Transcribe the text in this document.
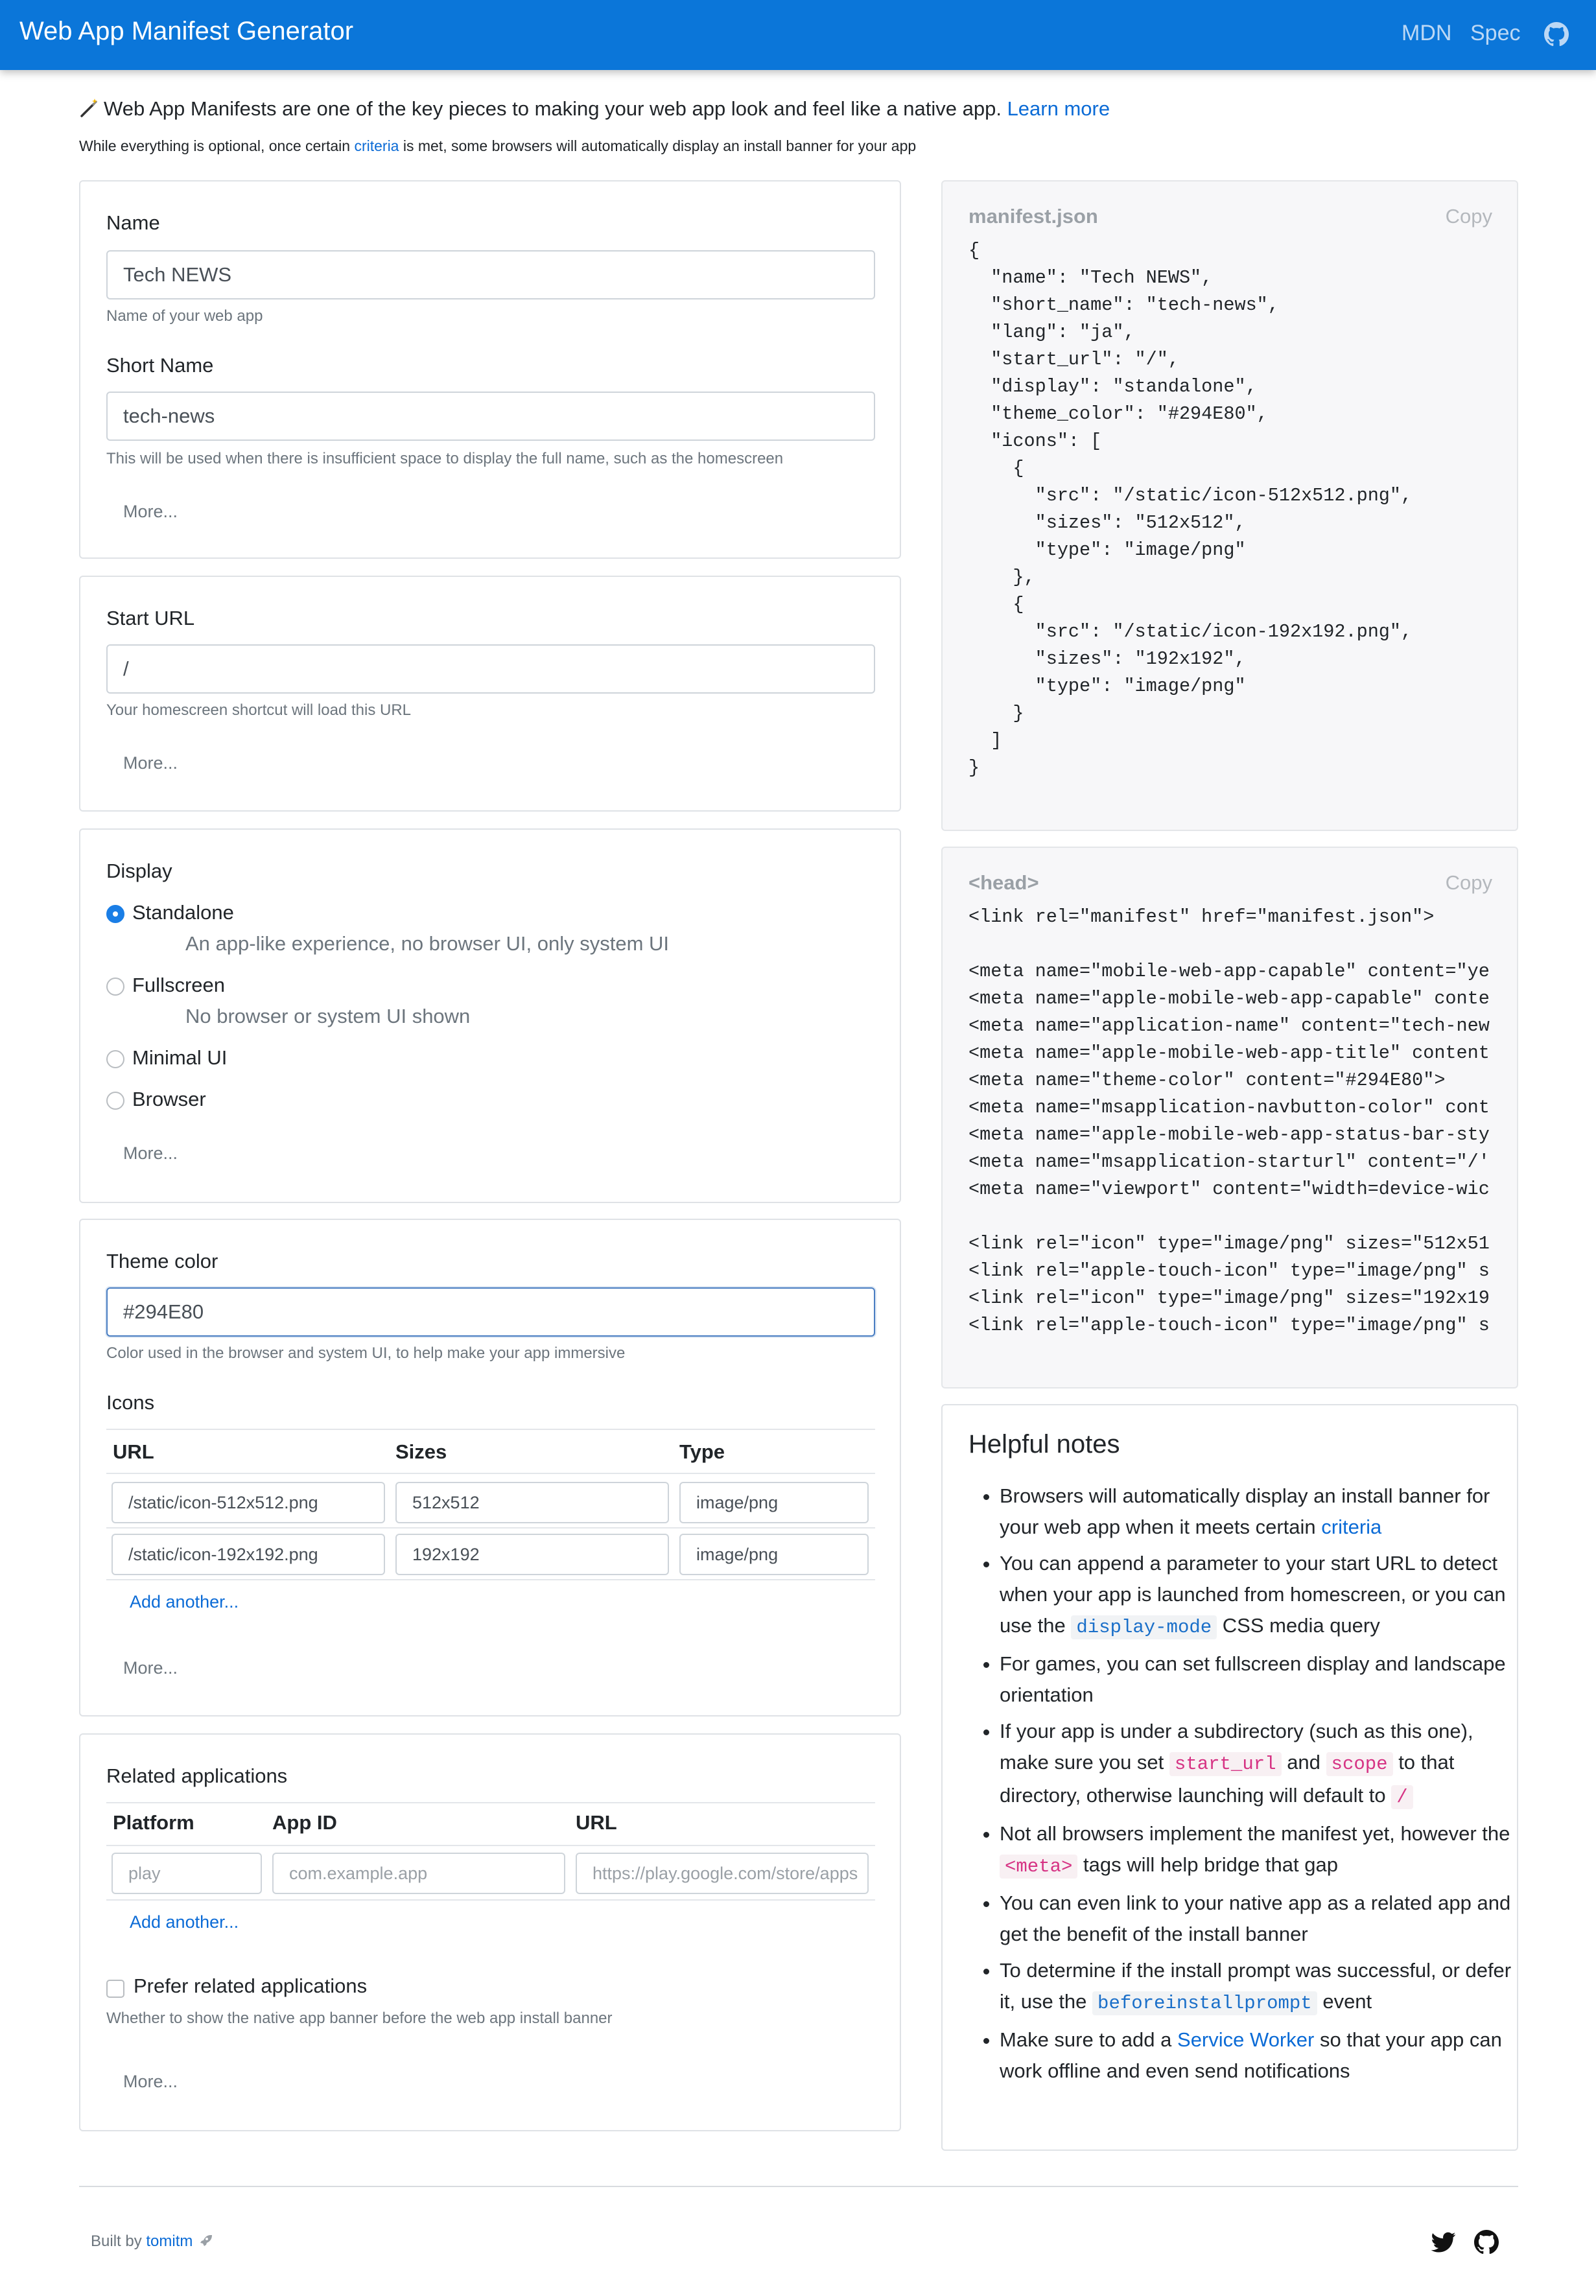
Web App Manifest Generator	MDN Spec
Web App Manifests are one of the key pieces to making your web app look and feel like a native app. Learn more
While everything is optional, once certain criteria is met, some browsers will automatically display an install banner for your app
Name
Tech NEWS
Name of your web app
Short Name
tech-news
This will be used when there is insufficient space to display the full name, such as the homescreen
More...
Start URL
/
Your homescreen shortcut will load this URL
More...
Display
Standalone
An app-like experience, no browser UI, only system UI
Fullscreen
No browser or system UI shown
Minimal UI
Browser
More...
Theme color
#294E80
Color used in the browser and system UI, to help make your app immersive
Icons
URL	Sizes	Type
/static/icon-512x512.png	512x512	image/png
/static/icon-192x192.png	192x192	image/png
Add another...
More...
Related applications
Platform	App ID	URL
play	com.example.app	https://play.google.com/store/apps
Add another...
Prefer related applications
Whether to show the native app banner before the web app install banner
More...
manifest.json	Copy
{
"name": "Tech NEWS",
"short_name": "tech-news",
"lang": "ja",
"start_url": "/",
"display": "standalone",
"theme_color": "#294E80",
"icons": [
{
"src": "/static/icon-512x512.png",
"sizes": "512x512",
"type": "image/png"
},
{
"src": "/static/icon-192x192.png",
"sizes": "192x192",
"type": "image/png"
}
]
}
<head>	Copy
<link rel="manifest" href="manifest.json">

<meta name="mobile-web-app-capable" content="ye
<meta name="apple-mobile-web-app-capable" conte
<meta name="application-name" content="tech-new
<meta name="apple-mobile-web-app-title" content
<meta name="theme-color" content="#294E80">
<meta name="msapplication-navbutton-color" cont
<meta name="apple-mobile-web-app-status-bar-sty
<meta name="msapplication-starturl" content="/'
<meta name="viewport" content="width=device-wic

<link rel="icon" type="image/png" sizes="512x51
<link rel="apple-touch-icon" type="image/png" s
<link rel="icon" type="image/png" sizes="192x19
<link rel="apple-touch-icon" type="image/png" s
Helpful notes
• Browsers will automatically display an install banner for your web app when it meets certain criteria
• You can append a parameter to your start URL to detect when your app is launched from homescreen, or you can use the display-mode CSS media query
• For games, you can set fullscreen display and landscape orientation
• If your app is under a subdirectory (such as this one), make sure you set start_url and scope to that directory, otherwise launching will default to /
• Not all browsers implement the manifest yet, however the <meta> tags will help bridge that gap
• You can even link to your native app as a related app and get the benefit of the install banner
• To determine if the install prompt was successful, or defer it, use the beforeinstallprompt event
• Make sure to add a Service Worker so that your app can work offline and even send notifications
Built by tomitm
